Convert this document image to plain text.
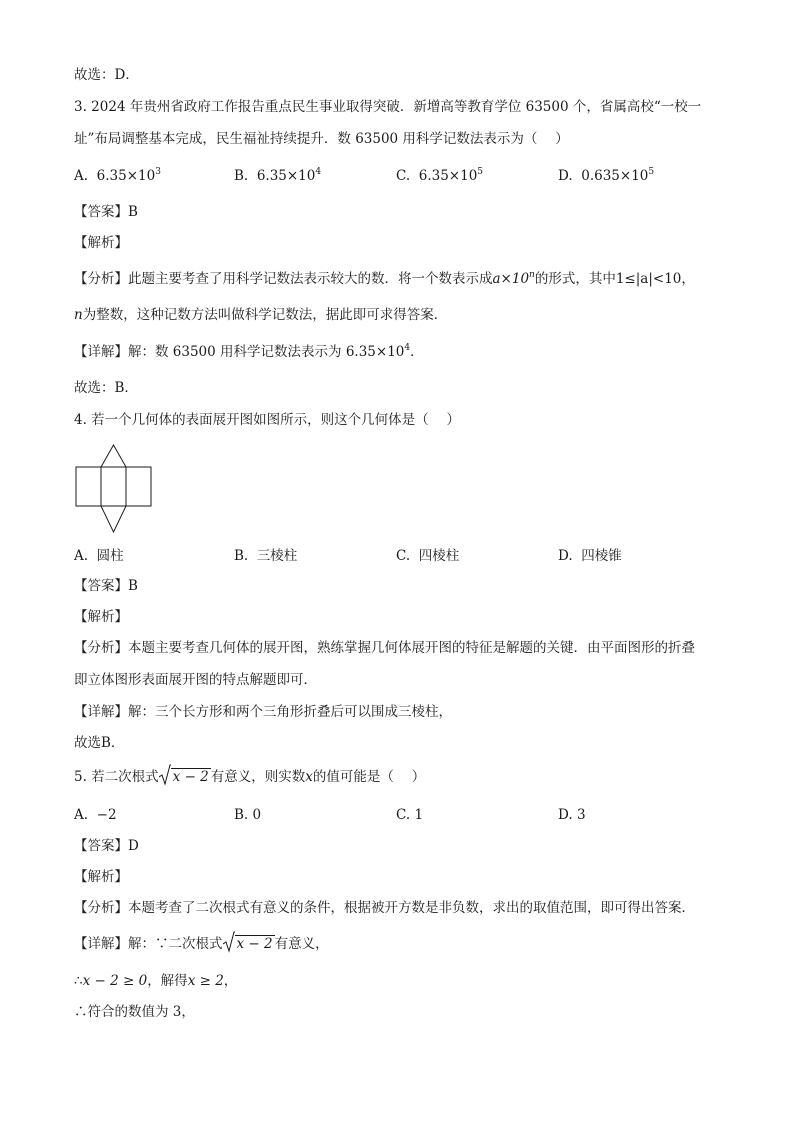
故选：D．
3. 2024 年贵州省政府工作报告重点民生事业取得突破．新增高等教育学位 63500 个，省属高校“一校一
址”布局调整基本完成，民生福祉持续提升．数 63500 用科学记数法表示为（　 ）
A. $6.35\times 10^3$	B. $6.35\times 10^4$	C. $6.35\times 10^5$	D. $0.635\times 10^5$
【答案】B
【解析】
【分析】此题主要考查了用科学记数法表示较大的数．将一个数表示成$a\times 10^n$的形式，其中1≤|a|<10，
n为整数，这种记数方法叫做科学记数法，据此即可求得答案．
【详解】解：数 63500 用科学记数法表示为 $6.35\times 10^4$．
故选：B．
4. 若一个几何体的表面展开图如图所示，则这个几何体是（　 ）
A. 圆柱	B. 三棱柱	C. 四棱柱	D. 四棱锥
【答案】B
【解析】
【分析】本题主要考查几何体的展开图，熟练掌握几何体展开图的特征是解题的关键．由平面图形的折叠
即立体图形表面展开图的特点解题即可．
【详解】解：三个长方形和两个三角形折叠后可以围成三棱柱，
故选B．
5. 若二次根式 x − 2 有意义，则实数x的值可能是（　 ）
A. −2	B. 0	C. 1	D. 3
【答案】D
【解析】
【分析】本题考查了二次根式有意义的条件，根据被开方数是非负数，求出的取值范围，即可得出答案．
【详解】解：∵二次根式 x − 2 有意义，
∴x − 2 ≥ 0，解得x ≥ 2，
∴符合的数值为 3，
